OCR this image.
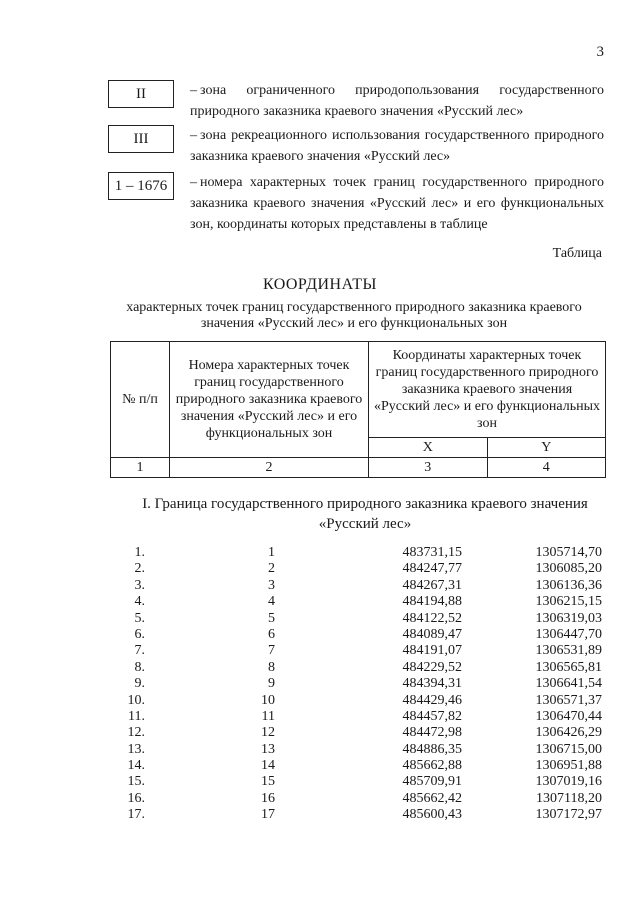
3
II	– зона ограниченного природопользования государственного природного заказника краевого значения «Русский лес»
III	– зона рекреационного использования государственного природного заказника краевого значения «Русский лес»
1 – 1676	– номера характерных точек границ государственного природного заказника краевого значения «Русский лес» и его функциональных зон, координаты которых представлены в таблице
Таблица
КООРДИНАТЫ
характерных точек границ государственного природного заказника краевого значения «Русский лес» и его функциональных зон
№ п/п	Номера характерных точек границ государственного природного заказника краевого значения «Русский лес» и его функциональных зон	Координаты характерных точек границ государственного природного заказника краевого значения «Русский лес» и его функциональных зон	
		X	Y
1	2	3	4
I. Граница государственного природного заказника краевого значения «Русский лес»
1.	1	483731,15	1305714,70
2.	2	484247,77	1306085,20
3.	3	484267,31	1306136,36
4.	4	484194,88	1306215,15
5.	5	484122,52	1306319,03
6.	6	484089,47	1306447,70
7.	7	484191,07	1306531,89
8.	8	484229,52	1306565,81
9.	9	484394,31	1306641,54
10.	10	484429,46	1306571,37
11.	11	484457,82	1306470,44
12.	12	484472,98	1306426,29
13.	13	484886,35	1306715,00
14.	14	485662,88	1306951,88
15.	15	485709,91	1307019,16
16.	16	485662,42	1307118,20
17.	17	485600,43	1307172,97
